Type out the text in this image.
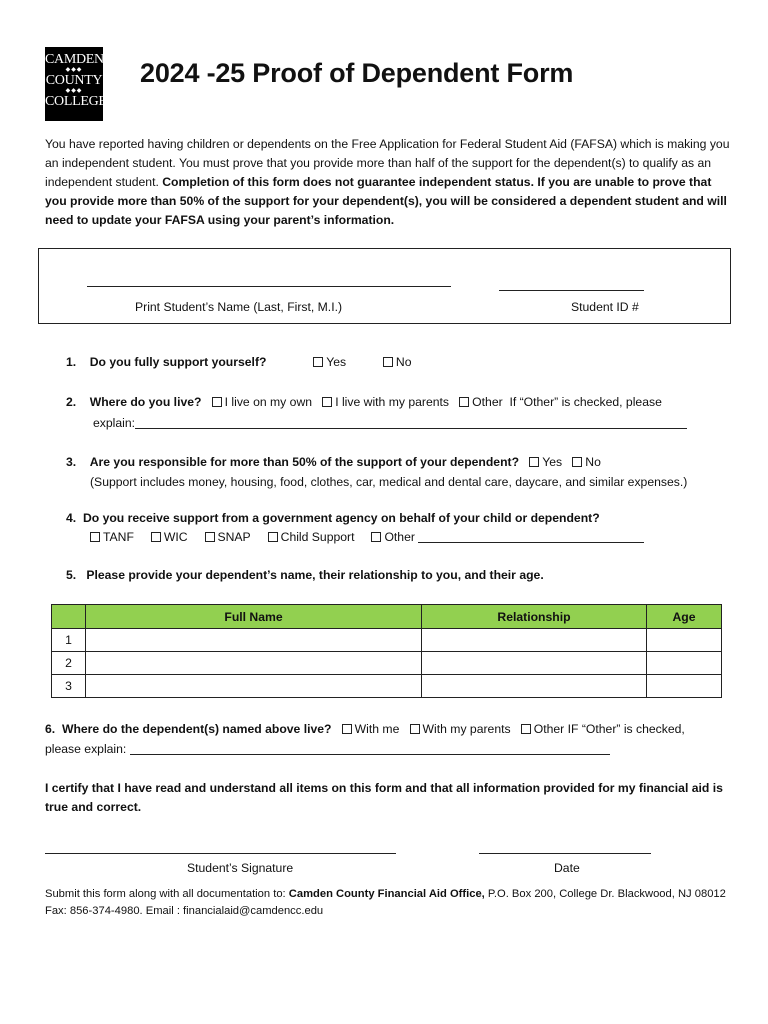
CAMDEN
◆◆◆
COUNTY
◆◆◆
COLLEGE
2024 -25 Proof of Dependent Form
You have reported having children or dependents on the Free Application for Federal Student Aid (FAFSA) which is making you an independent student. You must prove that you provide more than half of the support for the dependent(s) to qualify as an independent student. Completion of this form does not guarantee independent status. If you are unable to prove that you provide more than 50% of the support for your dependent(s), you will be considered a dependent student and will need to update your FAFSA using your parent’s information.
Print Student’s Name (Last, First, M.I.)	Student ID #
1. Do you fully support yourself?	Yes	No
2. Where do you live? I live on my own I live with my parents Other If “Other” is checked, please
explain:
3. Are you responsible for more than 50% of the support of your dependent? Yes No
(Support includes money, housing, food, clothes, car, medical and dental care, daycare, and similar expenses.)
4. Do you receive support from a government agency on behalf of your child or dependent?
TANF WIC SNAP Child Support Other
5. Please provide your dependent’s name, their relationship to you, and their age.
	Full Name	Relationship	Age
1			
2			
3			
6. Where do the dependent(s) named above live? With me With my parents Other IF “Other” is checked,
please explain:
I certify that I have read and understand all items on this form and that all information provided for my financial aid is true and correct.
Student’s Signature	Date
Submit this form along with all documentation to: Camden County Financial Aid Office, P.O. Box 200, College Dr. Blackwood, NJ 08012 Fax: 856-374-4980. Email : financialaid@camdencc.edu
